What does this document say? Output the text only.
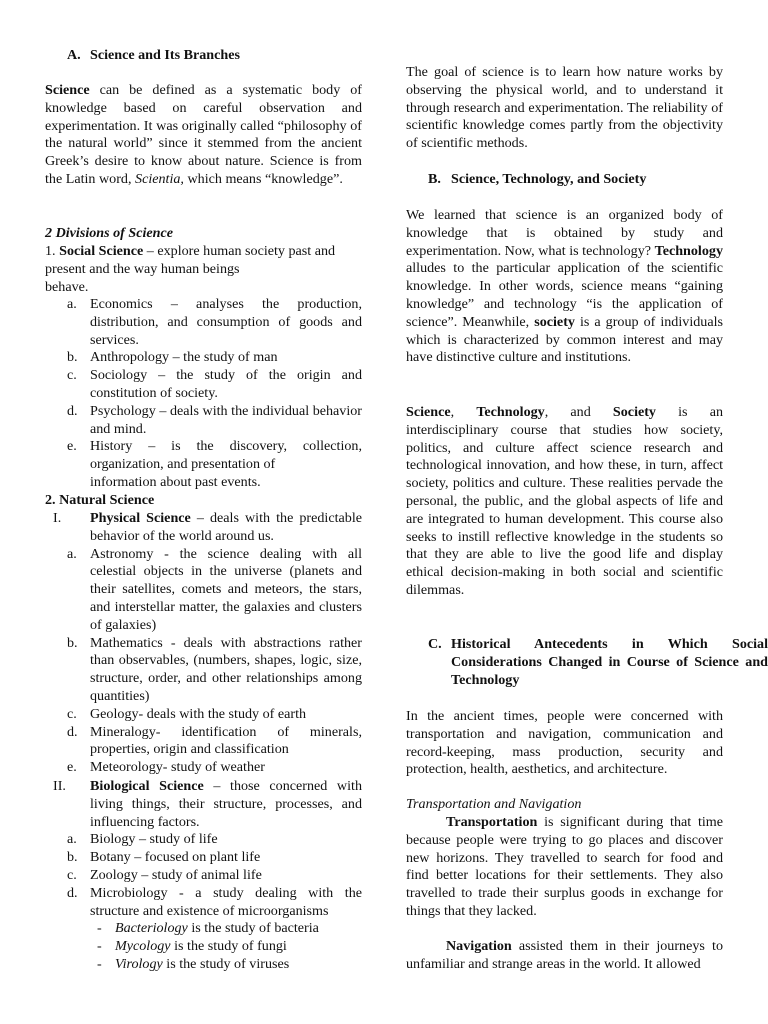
A. Science and Its Branches

Science can be defined as a systematic body of knowledge based on careful observation and experimentation. It was originally called “philosophy of the natural world” since it stemmed from the ancient Greek’s desire to know about nature. Science is from the Latin word, Scientia, which means “knowledge”.

2 Divisions of Science

1. Social Science – explore human society past and present and the way human beings
behave.

a. Economics – analyses the production, distribution, and consumption of goods and services.
b. Anthropology – the study of man
c. Sociology – the study of the origin and constitution of society.
d. Psychology – deals with the individual behavior and mind.
e. History – is the discovery, collection, organization, and presentation of
information about past events.
2. Natural Science
I. Physical Science – deals with the predictable behavior of the world around us.
a. Astronomy - the science dealing with all celestial objects in the universe (planets and their satellites, comets and meteors, the stars, and interstellar matter, the galaxies and clusters of galaxies)
b. Mathematics - deals with abstractions rather than observables, (numbers, shapes, logic, size, structure, order, and other relationships among quantities)
c. Geology- deals with the study of earth
d. Mineralogy- identification of minerals, properties, origin and classification
e. Meteorology- study of weather
II. Biological Science – those concerned with living things, their structure, processes, and influencing factors.
a. Biology – study of life
b. Botany – focused on plant life
c. Zoology – study of animal life
d. Microbiology - a study dealing with the structure and existence of microorganisms
- Bacteriology is the study of bacteria
- Mycology is the study of fungi
- Virology is the study of viruses

The goal of science is to learn how nature works by observing the physical world, and to understand it through research and experimentation. The reliability of scientific knowledge comes partly from the objectivity of scientific methods.

B. Science, Technology, and Society

We learned that science is an organized body of knowledge that is obtained by study and experimentation. Now, what is technology? Technology alludes to the particular application of the scientific knowledge. In other words, science means “gaining knowledge” and technology “is the application of science”. Meanwhile, society is a group of individuals which is characterized by common interest and may have distinctive culture and institutions.

Science, Technology, and Society is an interdisciplinary course that studies how society, politics, and culture affect science research and technological innovation, and how these, in turn, affect society, politics and culture. These realities pervade the personal, the public, and the global aspects of life and are integrated to human development. This course also seeks to instill reflective knowledge in the students so that they are able to live the good life and display ethical decision-making in both social and scientific dilemmas.

C. Historical Antecedents in Which Social Considerations Changed in Course of Science and Technology

In the ancient times, people were concerned with transportation and navigation, communication and record-keeping, mass production, security and protection, health, aesthetics, and architecture.

Transportation and Navigation

Transportation is significant during that time because people were trying to go places and discover new horizons. They travelled to search for food and find better locations for their settlements. They also travelled to trade their surplus goods in exchange for things that they lacked.

Navigation assisted them in their journeys to unfamiliar and strange areas in the world. It allowed
